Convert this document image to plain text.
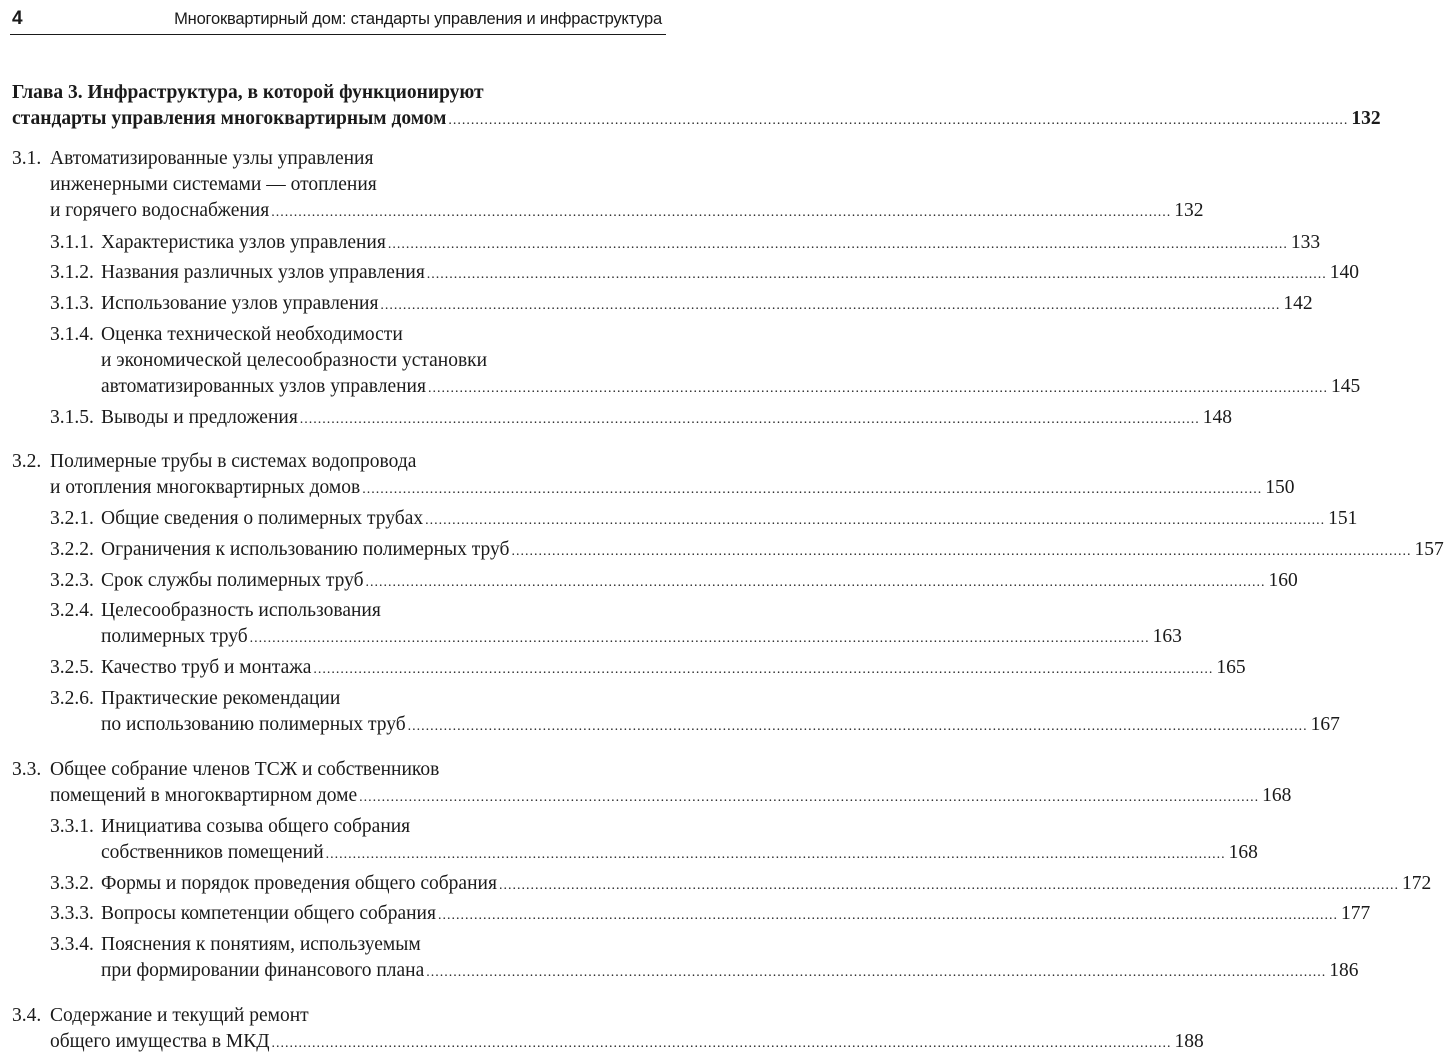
4	Многоквартирный дом: стандарты управления и инфраструктура
Глава 3. Инфраструктура, в которой функционируют
стандарты управления многоквартирным домом ........................................................................................................................................................................................................ 132
3.1. Автоматизированные узлы управления
инженерными системами — отопления
и горячего водоснабжения ........................................................................................................................................................................................................ 132
3.1.1. Характеристика узлов управления ........................................................................................................................................................................................................ 133
3.1.2. Названия различных узлов управления ........................................................................................................................................................................................................ 140
3.1.3. Использование узлов управления ........................................................................................................................................................................................................ 142
3.1.4. Оценка технической необходимости
и экономической целесообразности установки
автоматизированных узлов управления ........................................................................................................................................................................................................ 145
3.1.5. Выводы и предложения ........................................................................................................................................................................................................ 148
3.2. Полимерные трубы в системах водопровода
и отопления многоквартирных домов ........................................................................................................................................................................................................ 150
3.2.1. Общие сведения о полимерных трубах ........................................................................................................................................................................................................ 151
3.2.2. Ограничения к использованию полимерных труб ........................................................................................................................................................................................................ 157
3.2.3. Срок службы полимерных труб ........................................................................................................................................................................................................ 160
3.2.4. Целесообразность использования
полимерных труб ........................................................................................................................................................................................................ 163
3.2.5. Качество труб и монтажа ........................................................................................................................................................................................................ 165
3.2.6. Практические рекомендации
по использованию полимерных труб ........................................................................................................................................................................................................ 167
3.3. Общее собрание членов ТСЖ и собственников
помещений в многоквартирном доме ........................................................................................................................................................................................................ 168
3.3.1. Инициатива созыва общего собрания
собственников помещений ........................................................................................................................................................................................................ 168
3.3.2. Формы и порядок проведения общего собрания ........................................................................................................................................................................................................ 172
3.3.3. Вопросы компетенции общего собрания ........................................................................................................................................................................................................ 177
3.3.4. Пояснения к понятиям, используемым
при формировании финансового плана ........................................................................................................................................................................................................ 186
3.4. Содержание и текущий ремонт
общего имущества в МКД ........................................................................................................................................................................................................ 188
